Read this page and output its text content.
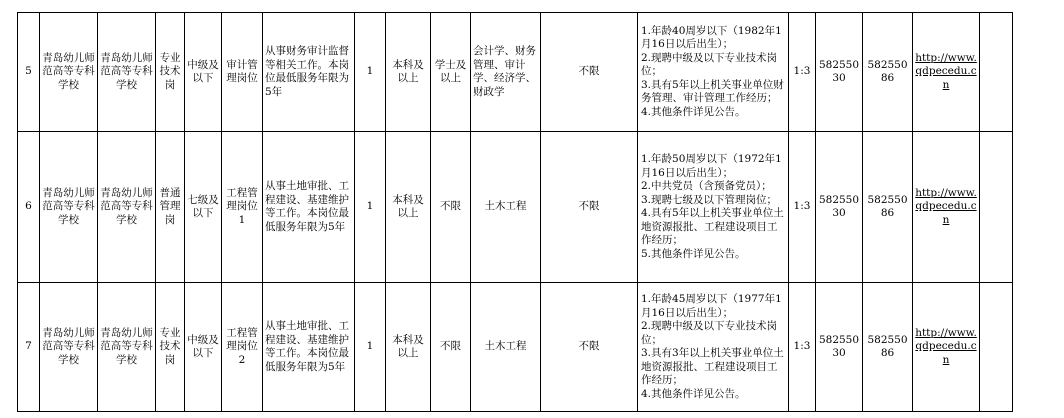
5	青岛幼儿师范高等专科学校	青岛幼儿师范高等专科学校	专业技术岗	中级及以下	审计管理岗位	从事财务审计监督等相关工作。本岗位最低服务年限为5年	1	本科及以上	学士及以上	会计学、财务管理、审计学、经济学、财政学	不限	1.年龄40周岁以下（1982年1月16日以后出生）；
2.现聘中级及以下专业技术岗位；
3.具有5年以上机关事业单位财务管理、审计管理工作经历；
4.其他条件详见公告。	1:3	58255030	58255086	http://www.qdpecedu.cn	
6	青岛幼儿师范高等专科学校	青岛幼儿师范高等专科学校	普通管理岗	七级及以下	工程管理岗位1	从事土地审批、工程建设、基建维护等工作。本岗位最低服务年限为5年	1	本科及以上	不限	土木工程	不限	1.年龄50周岁以下（1972年1月16日以后出生）；
2.中共党员（含预备党员）；
3.现聘七级及以下管理岗位；
4.具有5年以上机关事业单位土地资源报批、工程建设项目工作经历；
5.其他条件详见公告。	1:3	58255030	58255086	http://www.qdpecedu.cn	
7	青岛幼儿师范高等专科学校	青岛幼儿师范高等专科学校	专业技术岗	中级及以下	工程管理岗位2	从事土地审批、工程建设、基建维护等工作。本岗位最低服务年限为5年	1	本科及以上	不限	土木工程	不限	1.年龄45周岁以下（1977年1月16日以后出生）；
2.现聘中级及以下专业技术岗位；
3.具有3年以上机关事业单位土地资源报批、工程建设项目工作经历；
4.其他条件详见公告。	1:3	58255030	58255086	http://www.qdpecedu.cn	
